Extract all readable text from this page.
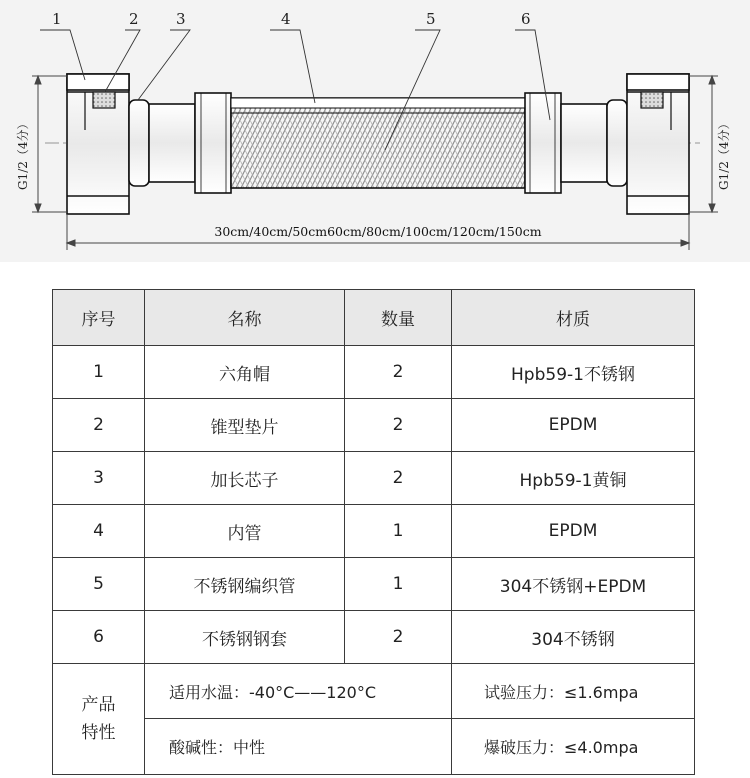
G1/2（4分）	G1/2（4分）
30cm/40cm/50cm60cm/80cm/100cm/120cm/150cm
1	2 3	4	5	6
序号	名称	数量	材质
1	六角帽	2	Hpb59-1不锈钢
2	锥型垫片	2	EPDM
3	加长芯子	2	Hpb59-1黄铜
4	内管	1	EPDM
5	不锈钢编织管	1	304不锈钢+EPDM
6	不锈钢钢套	2	304不锈钢

产品
特性	适用水温：-40°C——120°C		试验压力：≤1.6mpa
	酸碱性：中性		爆破压力：≤4.0mpa
